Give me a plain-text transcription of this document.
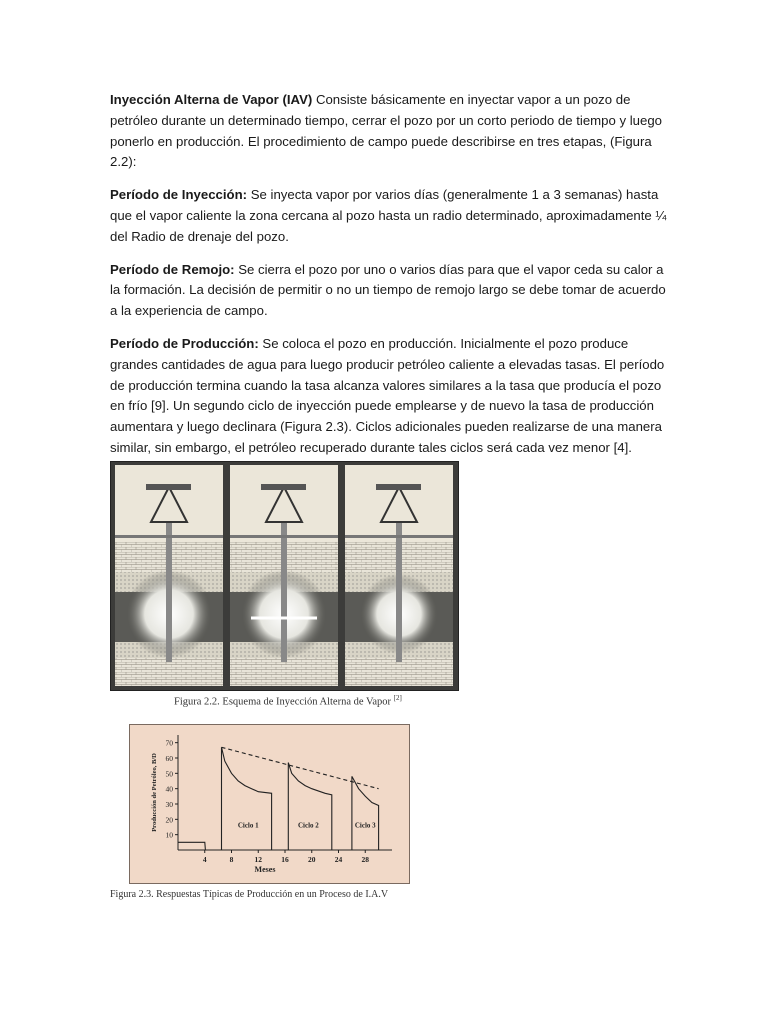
Inyección Alterna de Vapor (IAV) Consiste básicamente en inyectar vapor a un pozo de petróleo durante un determinado tiempo, cerrar el pozo por un corto periodo de tiempo y luego ponerlo en producción. El procedimiento de campo puede describirse en tres etapas, (Figura 2.2):

Período de Inyección: Se inyecta vapor por varios días (generalmente 1 a 3 semanas) hasta que el vapor caliente la zona cercana al pozo hasta un radio determinado, aproximadamente ¼ del Radio de drenaje del pozo.

Período de Remojo: Se cierra el pozo por uno o varios días para que el vapor ceda su calor a la formación. La decisión de permitir o no un tiempo de remojo largo se debe tomar de acuerdo a la experiencia de campo.

Período de Producción: Se coloca el pozo en producción. Inicialmente el pozo produce grandes cantidades de agua para luego producir petróleo caliente a elevadas tasas. El período de producción termina cuando la tasa alcanza valores similares a la tasa que producía el pozo en frío [9]. Un segundo ciclo de inyección puede emplearse y de nuevo la tasa de producción aumentara y luego declinara (Figura 2.3). Ciclos adicionales pueden realizarse de una manera similar, sin embargo, el petróleo recuperado durante tales ciclos será cada vez menor [4].

Figura 2.2. Esquema de Inyección Alterna de Vapor [2]
10
20
30
40
50
60
70
4	8	12	16	20	24	28
Meses
Producción de Petróleo, B/D	Ciclo 1	Ciclo 2	Ciclo 3
Figura 2.3. Respuestas Típicas de Producción en un Proceso de I.A.V
